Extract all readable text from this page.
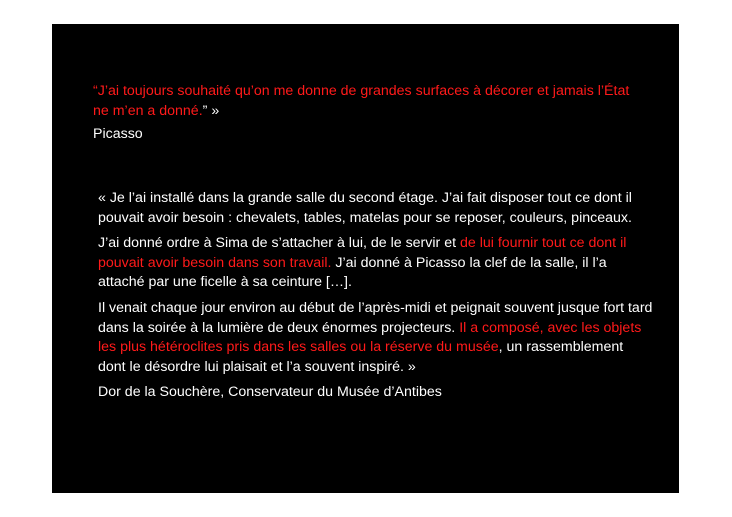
“J’ai toujours souhaité qu’on me donne de grandes surfaces à décorer et jamais l’État ne m’en a donné.” »

Picasso

« Je l’ai installé dans la grande salle du second étage. J’ai fait disposer tout ce dont il pouvait avoir besoin : chevalets, tables, matelas pour se reposer, couleurs, pinceaux.

J’ai donné ordre à Sima de s’attacher à lui, de le servir et de lui fournir tout ce dont il pouvait avoir besoin dans son travail. J’ai donné à Picasso la clef de la salle, il l’a attaché par une ficelle à sa ceinture […].

Il venait chaque jour environ au début de l’après-midi et peignait souvent jusque fort tard dans la soirée à la lumière de deux énormes projecteurs. Il a composé, avec les objets les plus hétéroclites pris dans les salles ou la réserve du musée, un rassemblement dont le désordre lui plaisait et l’a souvent inspiré. »

Dor de la Souchère, Conservateur du Musée d’Antibes
